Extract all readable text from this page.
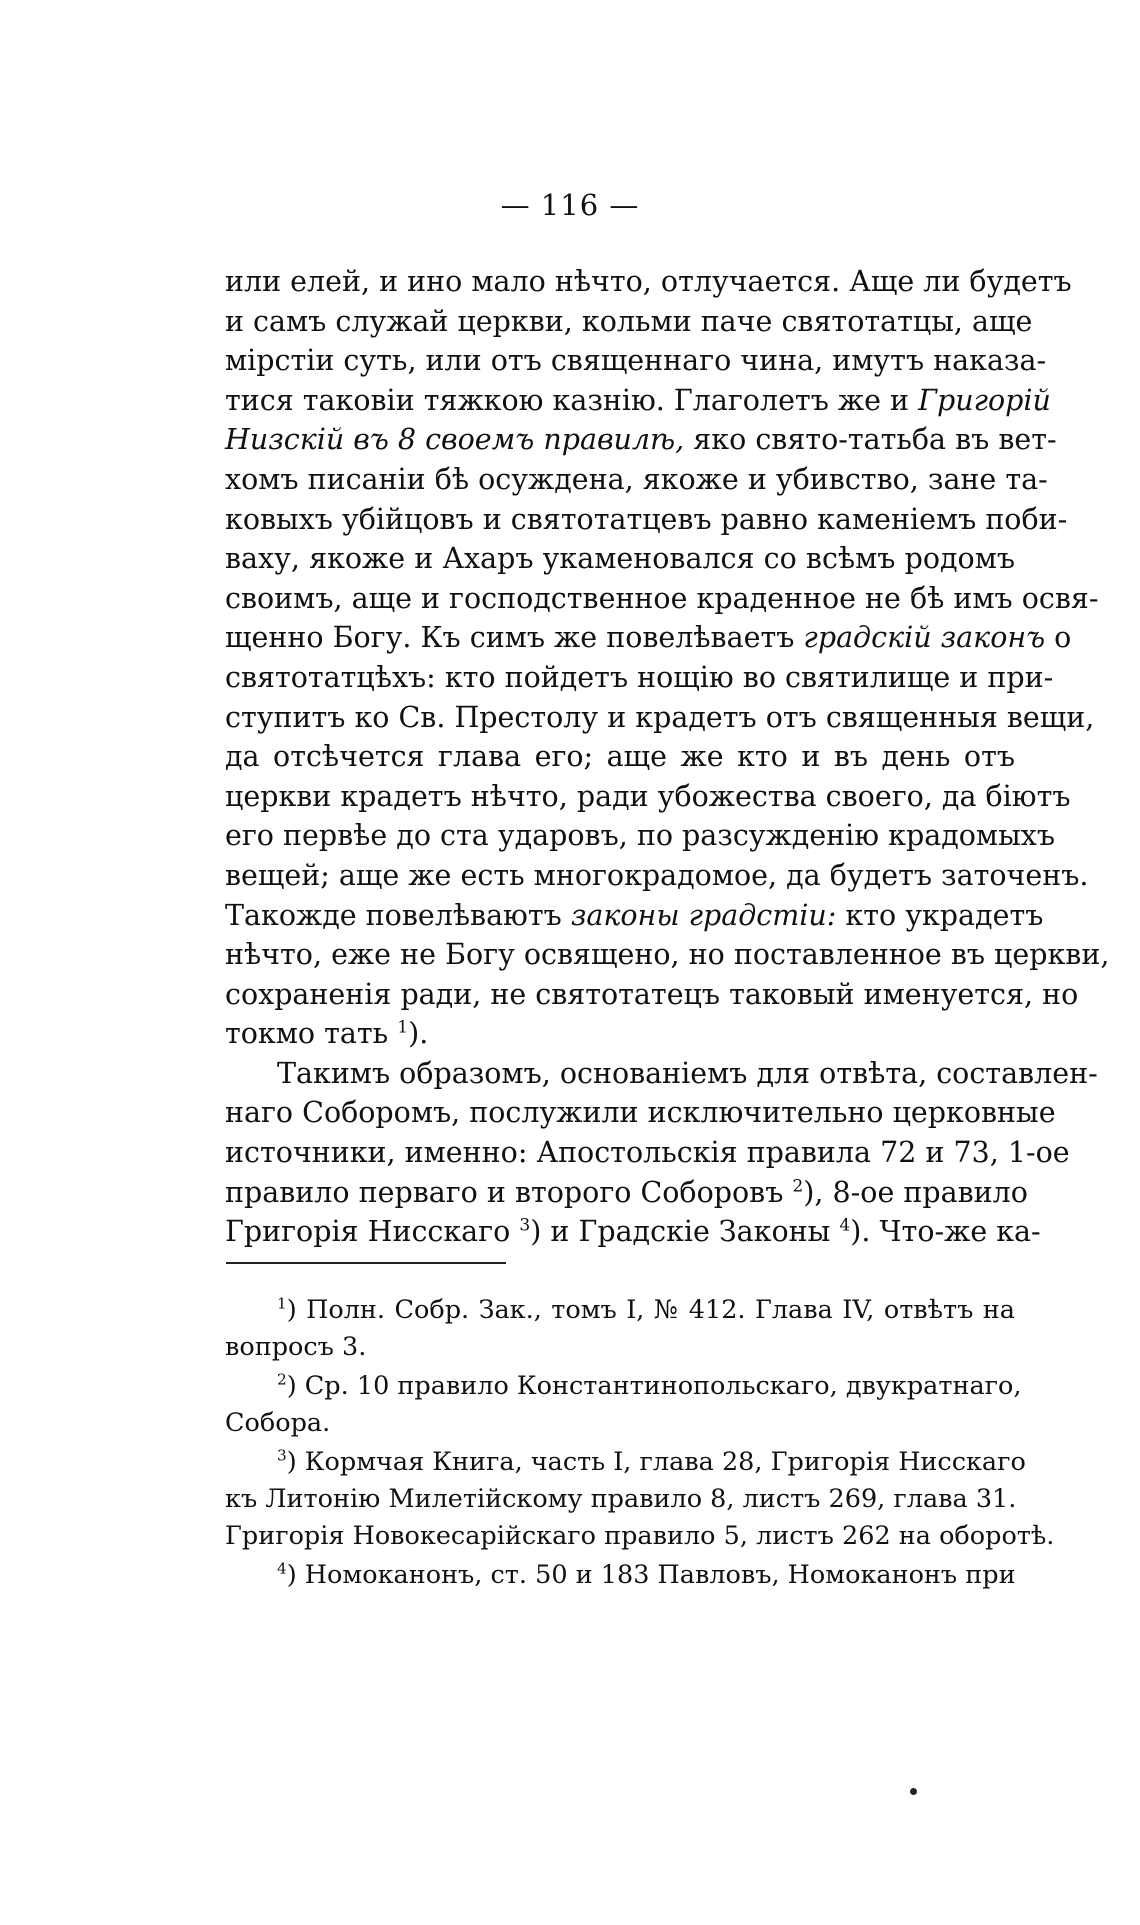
— 116 —
или елей, и ино мало нѣчто, отлучается. Аще ли будетъ
и самъ служай церкви, кольми паче святотатцы, аще
мірстіи суть, или отъ священнаго чина, имутъ наказа-
тися таковіи тяжкою казнію. Глаголетъ же и Григорій
Низскій въ 8 своемъ правилѣ, яко свято-татьба въ вет-
хомъ писаніи бѣ осуждена, якоже и убивство, зане та-
ковыхъ убійцовъ и святотатцевъ равно каменіемъ поби-
ваху, якоже и Ахаръ укаменовался со всѣмъ родомъ
своимъ, аще и господственное краденное не бѣ имъ освя-
щенно Богу. Къ симъ же повелѣваетъ градскій законъ о
святотатцѣхъ: кто пойдетъ нощію во святилище и при-
ступитъ ко Св. Престолу и крадетъ отъ священныя вещи,
да отсѣчется глава его; аще же кто и въ день отъ
церкви крадетъ нѣчто, ради убожества своего, да біютъ
его первѣе до ста ударовъ, по разсужденію крадомыхъ
вещей; аще же есть многокрадомое, да будетъ заточенъ.
Такожде повелѣваютъ законы градстіи: кто украдетъ
нѣчто, еже не Богу освящено, но поставленное въ церкви,
сохраненія ради, не святотатецъ таковый именуется, но
токмо тать $^1$).
Такимъ образомъ, основаніемъ для отвѣта, составлен-
наго Соборомъ, послужили исключительно церковные
источники, именно: Апостольскія правила 72 и 73, 1-ое
правило перваго и второго Соборовъ $^2$), 8-ое правило
Григорія Нисскаго $^3$) и Градскіе Законы $^4$). Что-же ка-
$^1$) Полн. Собр. Зак., томъ I, № 412. Глава IV, отвѣтъ на
вопросъ 3.
$^2$) Ср. 10 правило Константинопольскаго, двукратнаго,
Собора.
$^3$) Кормчая Книга, часть I, глава 28, Григорія Нисскаго
къ Литонію Милетійскому правило 8, листъ 269, глава 31.
Григорія Новокесарійскаго правило 5, листъ 262 на оборотѣ.
$^4$) Номоканонъ, ст. 50 и 183 Павловъ, Номоканонъ при
